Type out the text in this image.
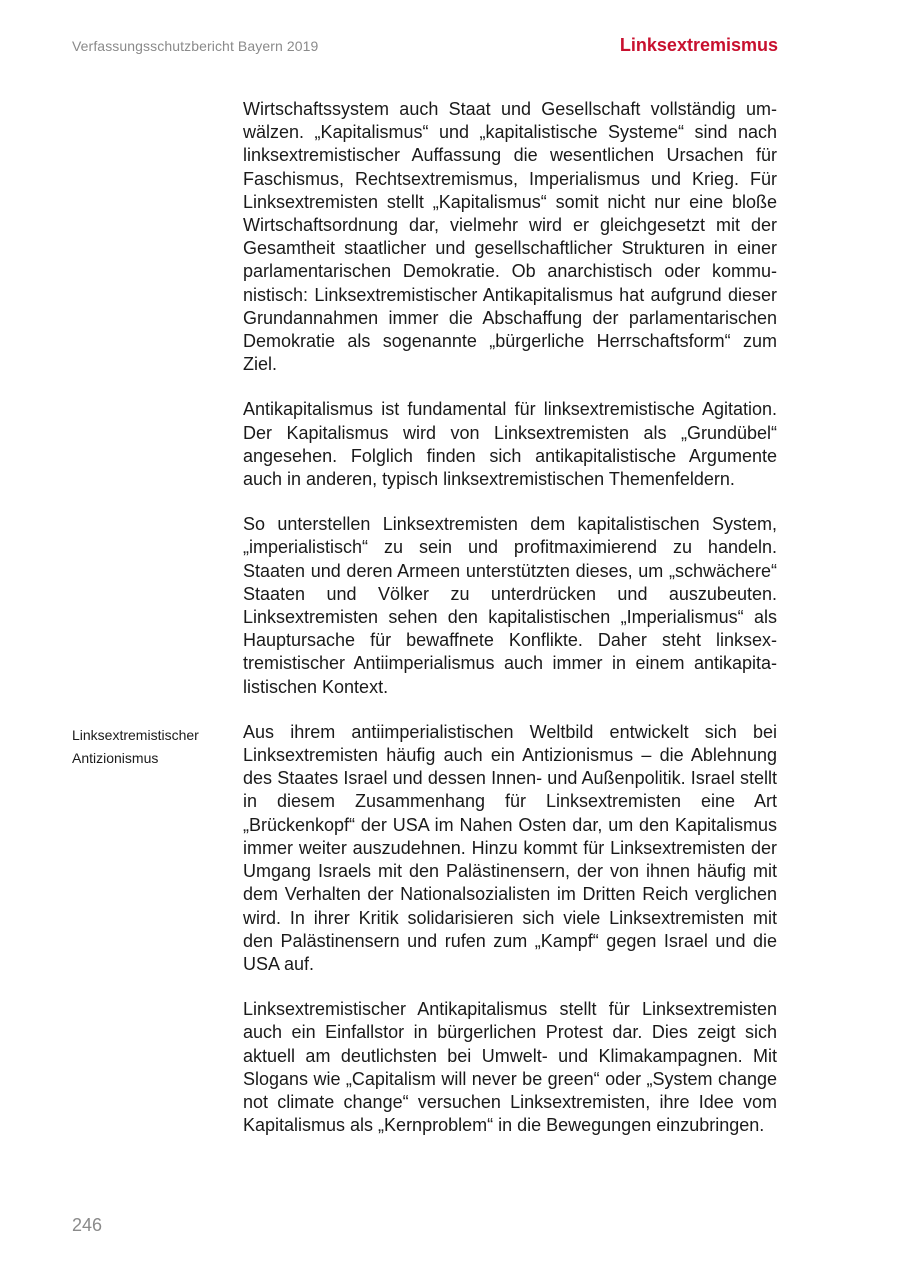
Verfassungsschutzbericht Bayern 2019	Linksextremismus

Wirtschaftssystem auch Staat und Gesellschaft vollständig umwälzen. „Kapitalismus“ und „kapitalistische Systeme“ sind nach linksextremistischer Auffassung die wesentlichen Ursachen für Faschismus, Rechtsextremismus, Imperialismus und Krieg. Für Linksextremisten stellt „Kapitalismus“ somit nicht nur eine bloße Wirtschaftsordnung dar, vielmehr wird er gleichgesetzt mit der Gesamtheit staatlicher und gesellschaftlicher Strukturen in einer parlamentarischen Demokratie. Ob anarchistisch oder kommunistisch: Linksextremistischer Antikapitalismus hat aufgrund dieser Grundannahmen immer die Abschaffung der parlamentarischen Demokratie als sogenannte „bürgerliche Herrschaftsform“ zum Ziel.

Antikapitalismus ist fundamental für linksextremistische Agitation. Der Kapitalismus wird von Linksextremisten als „Grundübel“ angesehen. Folglich finden sich antikapitalistische Argumente auch in anderen, typisch linksextremistischen Themenfeldern.

So unterstellen Linksextremisten dem kapitalistischen System, „imperialistisch“ zu sein und profitmaximierend zu handeln. Staaten und deren Armeen unterstützten dieses, um „schwächere“ Staaten und Völker zu unterdrücken und auszubeuten. Linksextremisten sehen den kapitalistischen „Imperialismus“ als Hauptursache für bewaffnete Konflikte. Daher steht linksextremistischer Antiimperialismus auch immer in einem antikapitalistischen Kontext.

Linksextremistischer
Antizionismus

Aus ihrem antiimperialistischen Weltbild entwickelt sich bei Linksextremisten häufig auch ein Antizionismus – die Ablehnung des Staates Israel und dessen Innen- und Außenpolitik. Israel stellt in diesem Zusammenhang für Linksextremisten eine Art „Brückenkopf“ der USA im Nahen Osten dar, um den Kapitalismus immer weiter auszudehnen. Hinzu kommt für Linksextremisten der Umgang Israels mit den Palästinensern, der von ihnen häufig mit dem Verhalten der Nationalsozialisten im Dritten Reich verglichen wird. In ihrer Kritik solidarisieren sich viele Linksextremisten mit den Palästinensern und rufen zum „Kampf“ gegen Israel und die USA auf.

Linksextremistischer Antikapitalismus stellt für Linksextremisten auch ein Einfallstor in bürgerlichen Protest dar. Dies zeigt sich aktuell am deutlichsten bei Umwelt- und Klimakampagnen. Mit Slogans wie „Capitalism will never be green“ oder „System change not climate change“ versuchen Linksextremisten, ihre Idee vom Kapitalismus als „Kernproblem“ in die Bewegungen einzubringen.

246
